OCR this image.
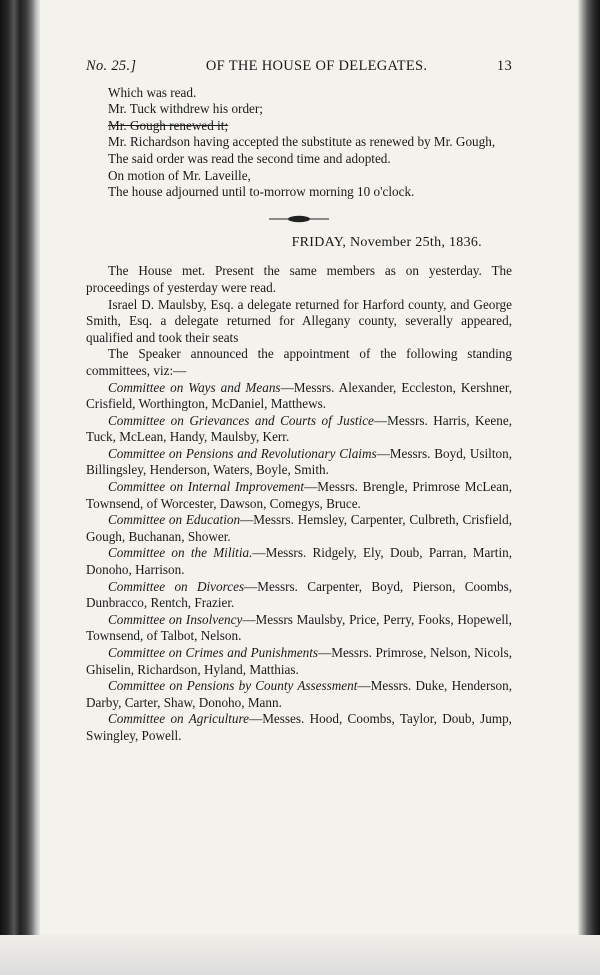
No. 25.]	OF THE HOUSE OF DELEGATES.	13

Which was read.

Mr. Tuck withdrew his order;

Mr. Gough renewed it;

Mr. Richardson having accepted the substitute as renewed by Mr. Gough,

The said order was read the second time and adopted.

On motion of Mr. Laveille,

The house adjourned until to-morrow morning 10 o'clock.

FRIDAY, November 25th, 1836.

The House met. Present the same members as on yesterday. The proceedings of yesterday were read.

Israel D. Maulsby, Esq. a delegate returned for Harford county, and George Smith, Esq. a delegate returned for Allegany county, severally appeared, qualified and took their seats

The Speaker announced the appointment of the following standing committees, viz:—

Committee on Ways and Means—Messrs. Alexander, Eccleston, Kershner, Crisfield, Worthington, McDaniel, Matthews.

Committee on Grievances and Courts of Justice—Messrs. Harris, Keene, Tuck, McLean, Handy, Maulsby, Kerr.

Committee on Pensions and Revolutionary Claims—Messrs. Boyd, Usilton, Billingsley, Henderson, Waters, Boyle, Smith.

Committee on Internal Improvement—Messrs. Brengle, Primrose McLean, Townsend, of Worcester, Dawson, Comegys, Bruce.

Committee on Education—Messrs. Hemsley, Carpenter, Culbreth, Crisfield, Gough, Buchanan, Shower.

Committee on the Militia.—Messrs. Ridgely, Ely, Doub, Parran, Martin, Donoho, Harrison.

Committee on Divorces—Messrs. Carpenter, Boyd, Pierson, Coombs, Dunbracco, Rentch, Frazier.

Committee on Insolvency—Messrs Maulsby, Price, Perry, Fooks, Hopewell, Townsend, of Talbot, Nelson.

Committee on Crimes and Punishments—Messrs. Primrose, Nelson, Nicols, Ghiselin, Richardson, Hyland, Matthias.

Committee on Pensions by County Assessment—Messrs. Duke, Henderson, Darby, Carter, Shaw, Donoho, Mann.

Committee on Agriculture—Messes. Hood, Coombs, Taylor, Doub, Jump, Swingley, Powell.
